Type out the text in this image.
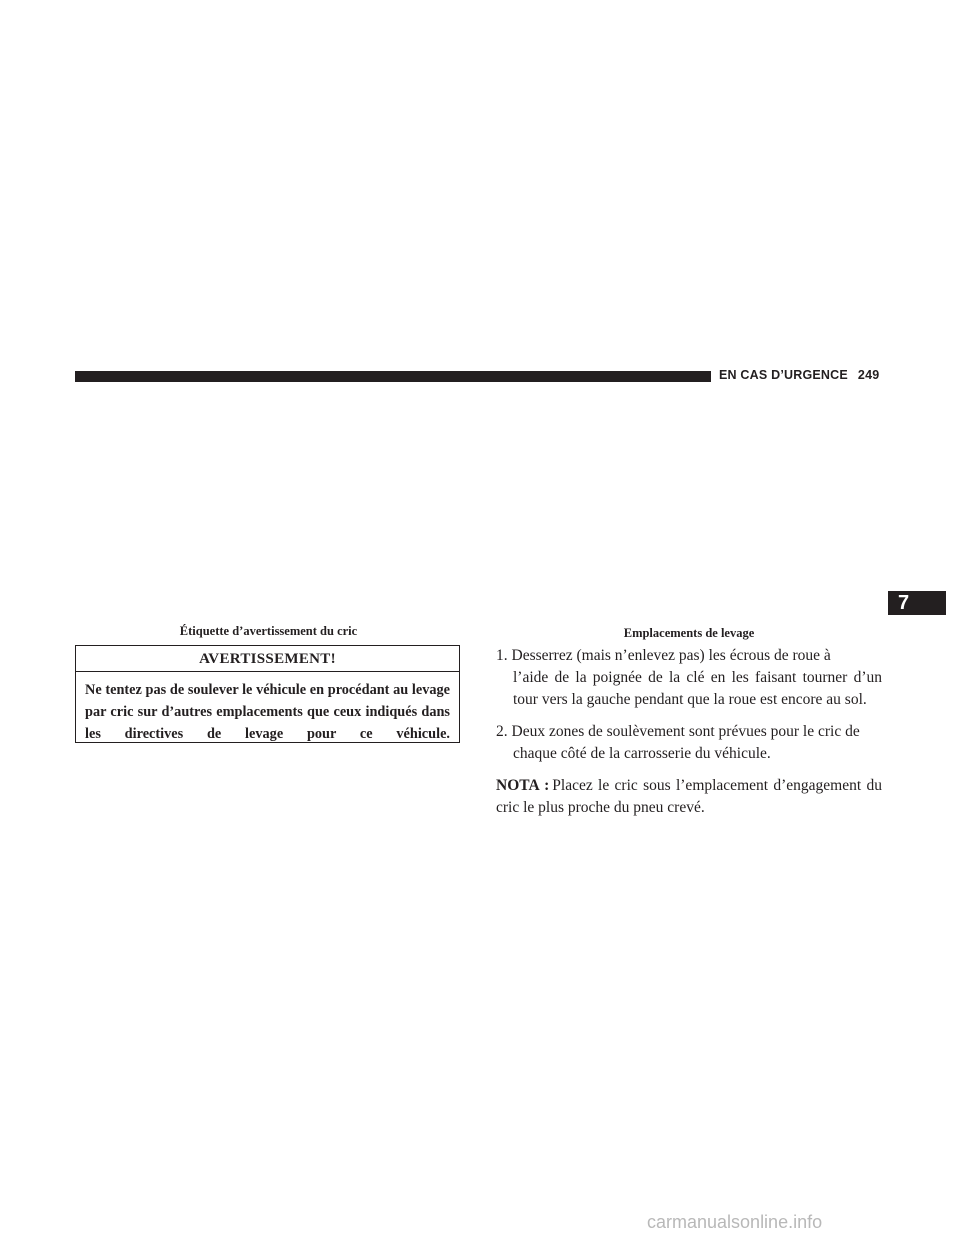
EN CAS D’URGENCE 249
7
Étiquette d’avertissement du cric
AVERTISSEMENT!
Ne tentez pas de soulever le véhicule en procédant au levage par cric sur d’autres emplacements que ceux indiqués dans les directives de levage pour ce véhicule.
Emplacements de levage
1. Desserrez (mais n’enlevez pas) les écrous de roue à
l’aide de la poignée de la clé en les faisant tourner d’un tour vers la gauche pendant que la roue est encore au sol.
2. Deux zones de soulèvement sont prévues pour le cric de
chaque côté de la carrosserie du véhicule.

NOTA : Placez le cric sous l’emplacement d’engagement du cric le plus proche du pneu crevé.

carmanualsonline.info
